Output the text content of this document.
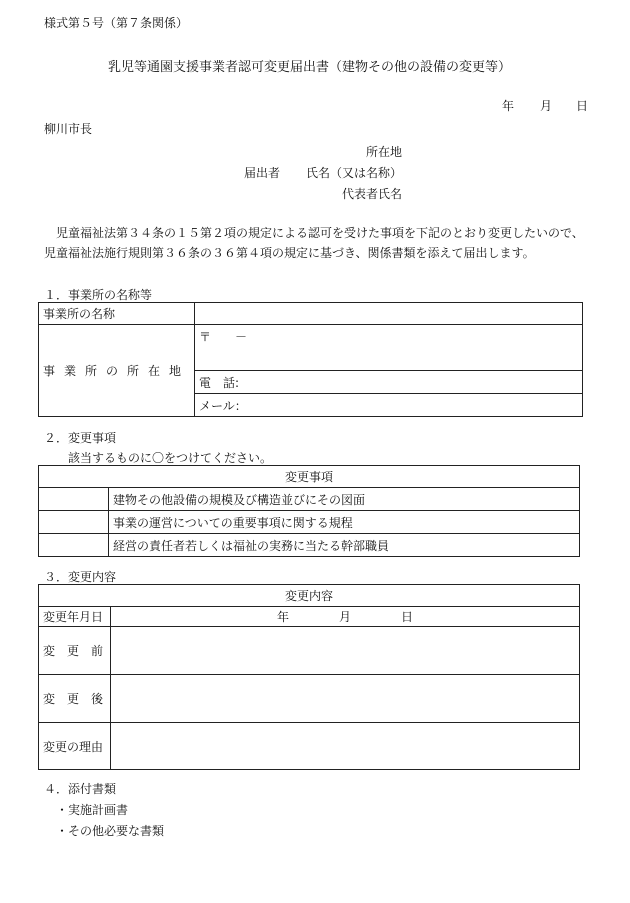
様式第５号（第７条関係）
乳児等通園支援事業者認可変更届出書（建物その他の設備の変更等）
年 月 日
柳川市長
所在地
届出者 氏名（又は名称）
代表者氏名
児童福祉法第３４条の１５第２項の規定による認可を受けた事項を下記のとおり変更したいので、
児童福祉法施行規則第３６条の３６第４項の規定に基づき、関係書類を添えて届出します。
１．事業所の名称等
事業所の名称	
事業所の所在地	〒　　－
	電　話:
	メール：
２．変更事項
該当するものに〇をつけてください。
変更事項	
	建物その他設備の規模及び構造並びにその図面
	事業の運営についての重要事項に関する規程
	経営の責任者若しくは福祉の実務に当たる幹部職員
３．変更内容
変更内容	
変更年月日	年 月 日
変　更　前	
変　更　後	
変更の理由	
４．添付書類
・実施計画書
・その他必要な書類
